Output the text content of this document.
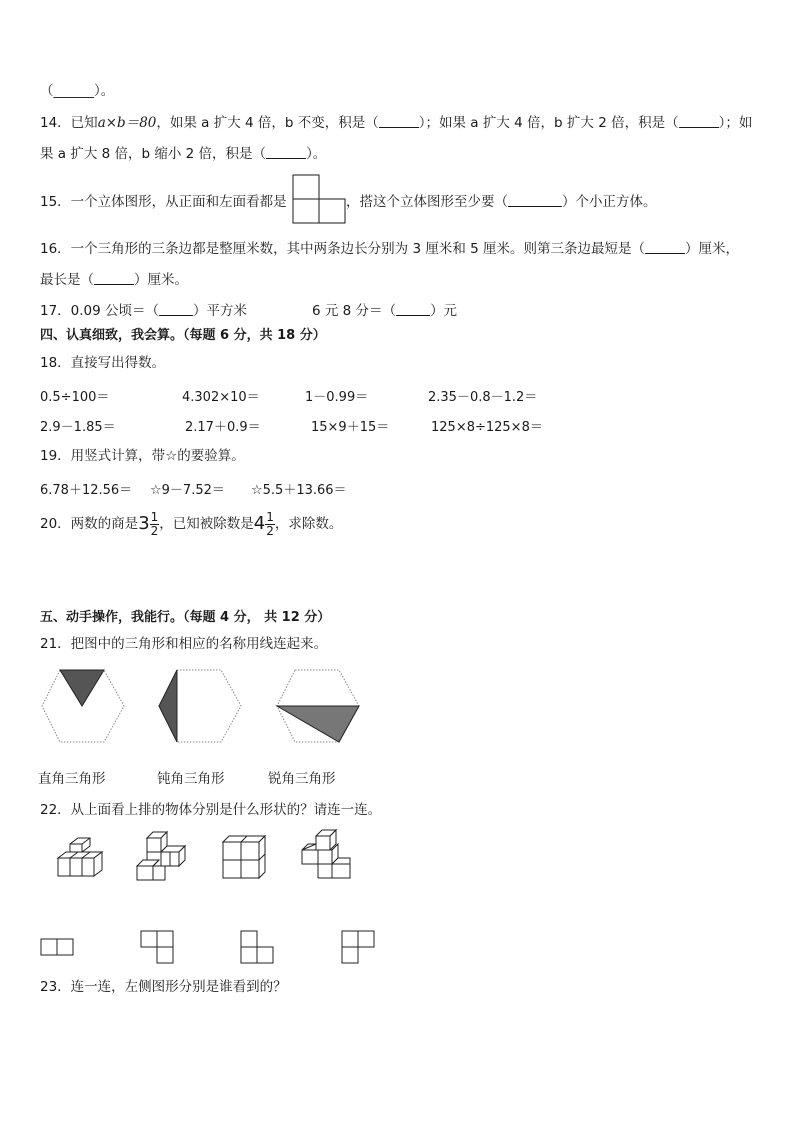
（______）。
14．已知a×b＝80，如果 a 扩大 4 倍，b 不变，积是（	）；如果 a 扩大 4 倍，b 扩大 2 倍，积是（	）；如
果 a 扩大 8 倍，b 缩小 2 倍，积是（	）。
15．一个立体图形，从正面和左面看都是	，搭这个立体图形至少要（	）个小正方体。
16．一个三角形的三条边都是整厘米数，其中两条边长分别为 3 厘米和 5 厘米。则第三条边最短是（	）厘米，
最长是（	）厘米。
17．0.09 公顷＝（	）平方米	6 元 8 分＝（	）元
四、认真细致，我会算。（每题 6 分，共 18 分）
18．直接写出得数。
0.5÷100＝	4.302×10＝	1－0.99＝	2.35－0.8－1.2＝
2.9－1.85＝	2.17＋0.9＝	15×9＋15＝	125×8÷125×8＝
19．用竖式计算，带☆的要验算。
6.78＋12.56＝ ☆9－7.52＝ ☆5.5＋13.66＝
20．两数的商是$3 \frac{1}{2}$ ，已知被除数是$4 \frac{1}{2}$ ，求除数。
五、动手操作，我能行。（每题 4 分， 共 12 分）
21．把图中的三角形和相应的名称用线连起来。
直角三角形	钝角三角形	锐角三角形
22．从上面看上排的物体分别是什么形状的？请连一连。
23．连一连，左侧图形分别是谁看到的？
